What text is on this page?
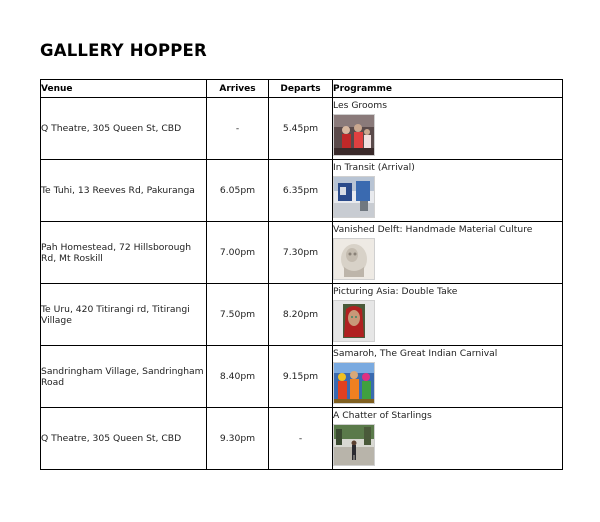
GALLERY HOPPER
Venue	Arrives	Departs	Programme
Q Theatre, 305 Queen St, CBD	-	5.45pm	Les Grooms

Te Tuhi, 13 Reeves Rd, Pakuranga	6.05pm	6.35pm	In Transit (Arrival)

Pah Homestead, 72 Hillsborough Rd, Mt Roskill	7.00pm	7.30pm	Vanished Delft: Handmade Material Culture

Te Uru, 420 Titirangi rd, Titirangi Village	7.50pm	8.20pm	Picturing Asia: Double Take

Sandringham Village, Sandringham Road	8.40pm	9.15pm	Samaroh, The Great Indian Carnival

Q Theatre, 305 Queen St, CBD	9.30pm	-	A Chatter of Starlings
